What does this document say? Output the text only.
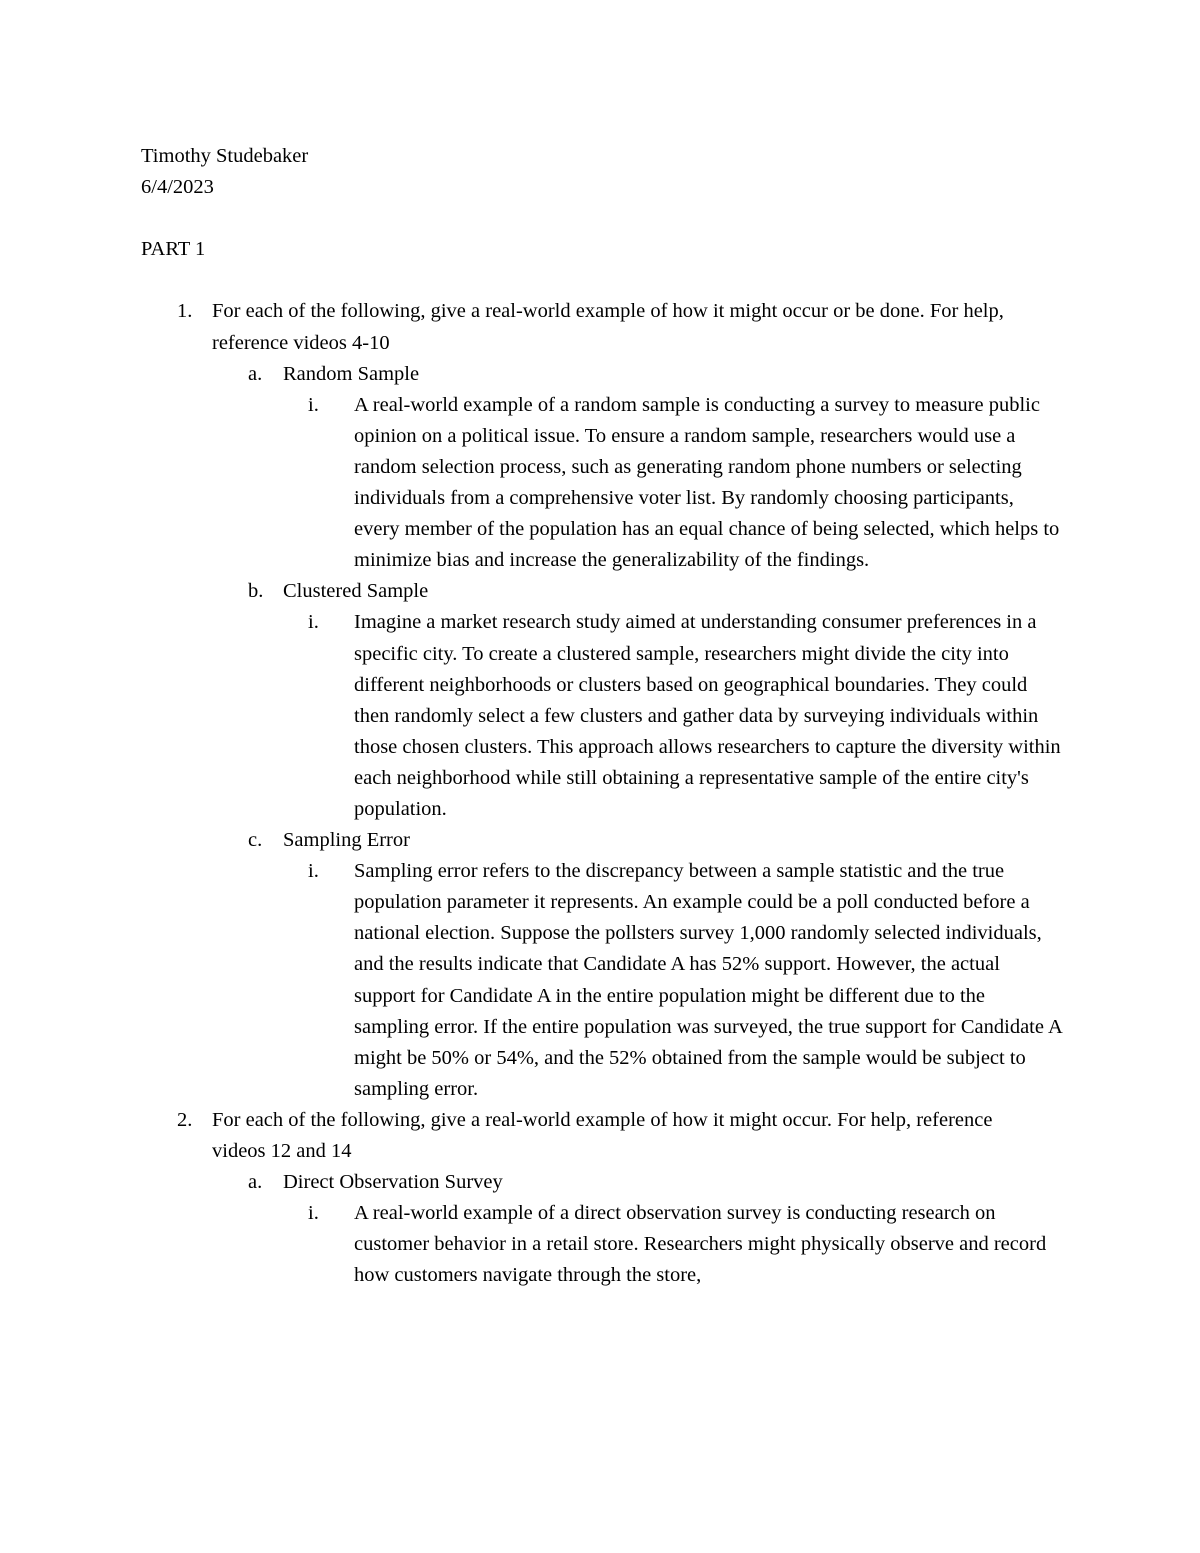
Timothy Studebaker
6/4/2023
PART 1
1. For each of the following, give a real-world example of how it might occur or be done. For help, reference videos 4-10
a. Random Sample
i. A real-world example of a random sample is conducting a survey to measure public opinion on a political issue. To ensure a random sample, researchers would use a random selection process, such as generating random phone numbers or selecting individuals from a comprehensive voter list. By randomly choosing participants, every member of the population has an equal chance of being selected, which helps to minimize bias and increase the generalizability of the findings.
b. Clustered Sample
i. Imagine a market research study aimed at understanding consumer preferences in a specific city. To create a clustered sample, researchers might divide the city into different neighborhoods or clusters based on geographical boundaries. They could then randomly select a few clusters and gather data by surveying individuals within those chosen clusters. This approach allows researchers to capture the diversity within each neighborhood while still obtaining a representative sample of the entire city's population.
c. Sampling Error
i. Sampling error refers to the discrepancy between a sample statistic and the true population parameter it represents. An example could be a poll conducted before a national election. Suppose the pollsters survey 1,000 randomly selected individuals, and the results indicate that Candidate A has 52% support. However, the actual support for Candidate A in the entire population might be different due to the sampling error. If the entire population was surveyed, the true support for Candidate A might be 50% or 54%, and the 52% obtained from the sample would be subject to sampling error.
2. For each of the following, give a real-world example of how it might occur. For help, reference videos 12 and 14
a. Direct Observation Survey
i. A real-world example of a direct observation survey is conducting research on customer behavior in a retail store. Researchers might physically observe and record how customers navigate through the store,
